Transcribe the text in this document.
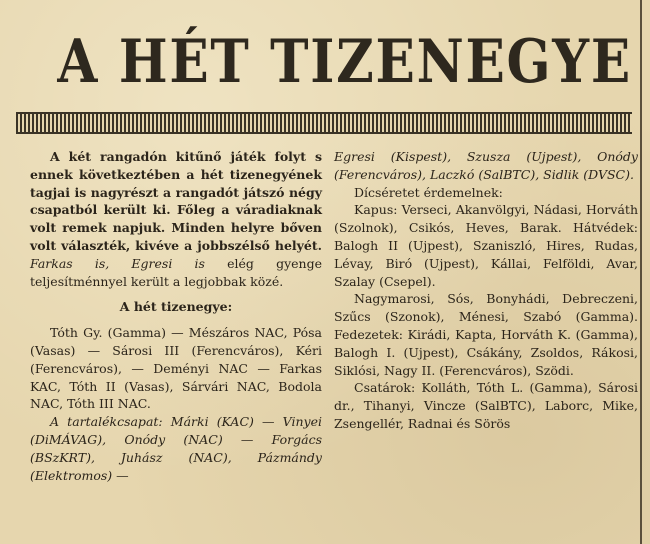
A HÉT TIZENEGYE

A két rangadón kitűnő játék folyt s ennek következtében a hét tizenegyének tagjai is nagyrészt a rangadót játszó négy csapatból került ki. Főleg a váradiaknak volt remek napjuk. Minden helyre bőven volt választék, kivéve a jobbszélső helyét. Farkas is, Egresi is elég gyenge teljesítménnyel került a legjobbak közé.

A hét tizenegye:

Tóth Gy. (Gamma) — Mészáros NAC, Pósa (Vasas) — Sárosi III (Ferencváros), Kéri (Ferencváros), — Deményi NAC — Farkas KAC, Tóth II (Vasas), Sárvári NAC, Bodola NAC, Tóth III NAC.

A tartalékcsapat: Márki (KAC) — Vinyei (DiMÁVAG), Onódy (NAC) — Forgács (BSzKRT), Juhász (NAC), Pázmándy (Elektromos) —

Egresi (Kispest), Szusza (Ujpest), Onódy (Ferencváros), Laczkó (SalBTC), Sidlik (DVSC).

Dícséretet érdemelnek:

Kapus: Verseci, Akanvölgyi, Nádasi, Horváth (Szolnok), Csikós, Heves, Barak. Hátvédek: Balogh II (Ujpest), Szaniszló, Hires, Rudas, Lévay, Biró (Ujpest), Kállai, Felföldi, Avar, Szalay (Csepel).

Nagymarosi, Sós, Bonyhádi, Debreczeni, Szűcs (Szonok), Ménesi, Szabó (Gamma). Fedezetek: Kirádi, Kapta, Horváth K. (Gamma), Balogh I. (Ujpest), Csákány, Zsoldos, Rákosi, Siklósi, Nagy II. (Ferencváros), Szödi.

Csatárok: Kolláth, Tóth L. (Gamma), Sárosi dr., Tihanyi, Vincze (SalBTC), Laborc, Mike, Zsengellér, Radnai és Sörös
